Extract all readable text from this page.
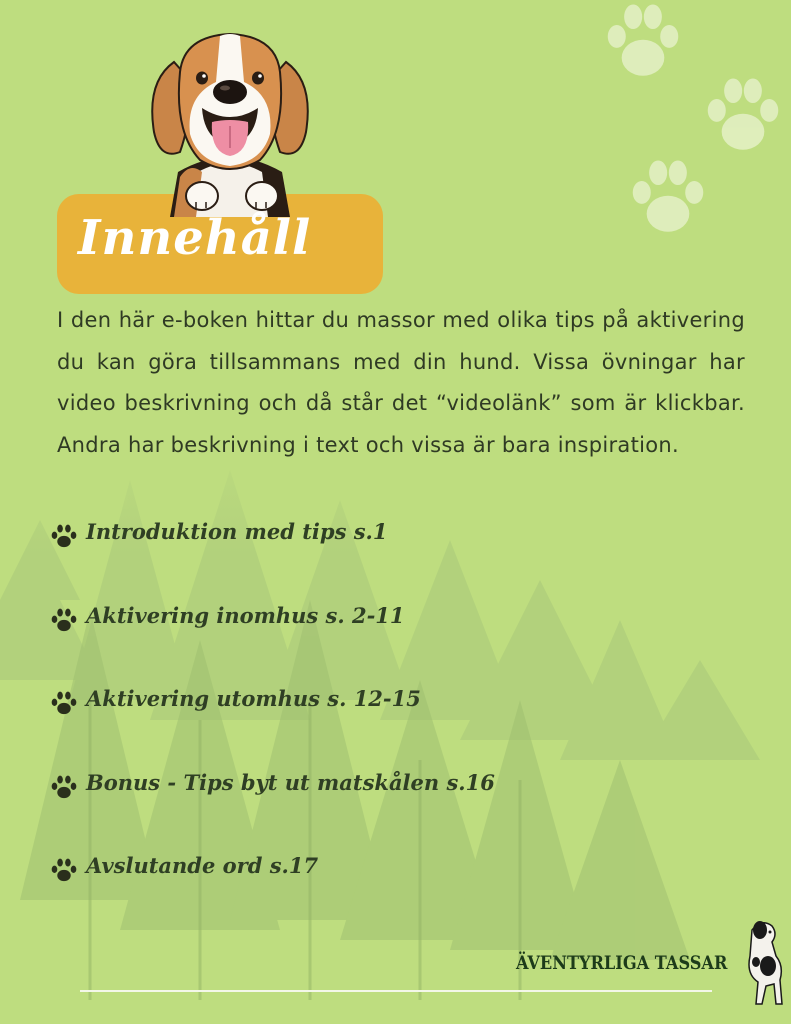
Innehåll

I den här e-boken hittar du massor med olika tips på aktivering du kan göra tillsammans med din hund. Vissa övningar har video beskrivning och då står det “videolänk” som är klickbar. Andra har beskrivning i text och vissa är bara inspiration.

Introduktion med tips s.1
Aktivering inomhus s. 2-11
Aktivering utomhus s. 12-15
Bonus - Tips byt ut matskålen s.16
Avslutande ord s.17
ÄVENTYRLIGA TASSAR
